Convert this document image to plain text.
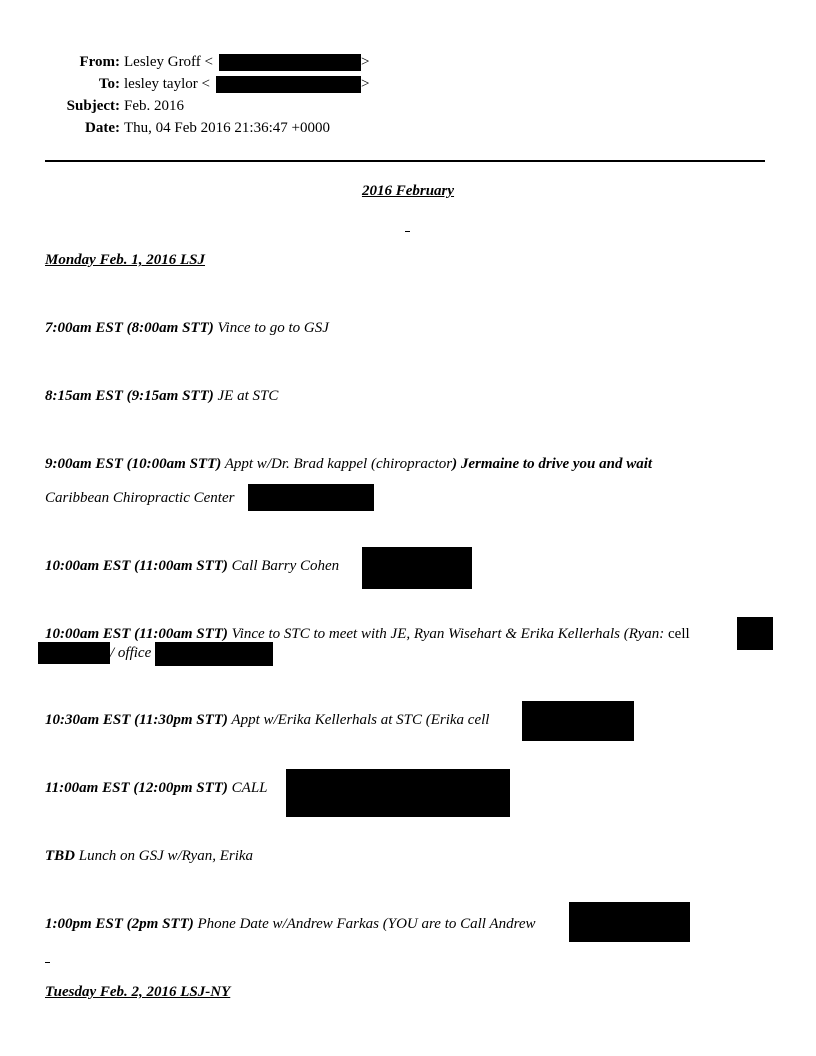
From: Lesley Groff <	>
To: lesley taylor <	>
Subject: Feb. 2016
Date: Thu, 04 Feb 2016 21:36:47 +0000
2016 February
Monday Feb. 1, 2016 LSJ
7:00am EST (8:00am STT) Vince to go to GSJ
8:15am EST (9:15am STT) JE at STC
9:00am EST (10:00am STT) Appt w/Dr. Brad kappel (chiropractor) Jermaine to drive you and wait
Caribbean Chiropractic Center
10:00am EST (11:00am STT) Call Barry Cohen
10:00am EST (11:00am STT) Vince to STC to meet with JE, Ryan Wisehart & Erika Kellerhals (Ryan: cell
/ office
10:30am EST (11:30pm STT) Appt w/Erika Kellerhals at STC (Erika cell
11:00am EST (12:00pm STT) CALL
TBD Lunch on GSJ w/Ryan, Erika
1:00pm EST (2pm STT) Phone Date w/Andrew Farkas (YOU are to Call Andrew
Tuesday Feb. 2, 2016 LSJ-NY
